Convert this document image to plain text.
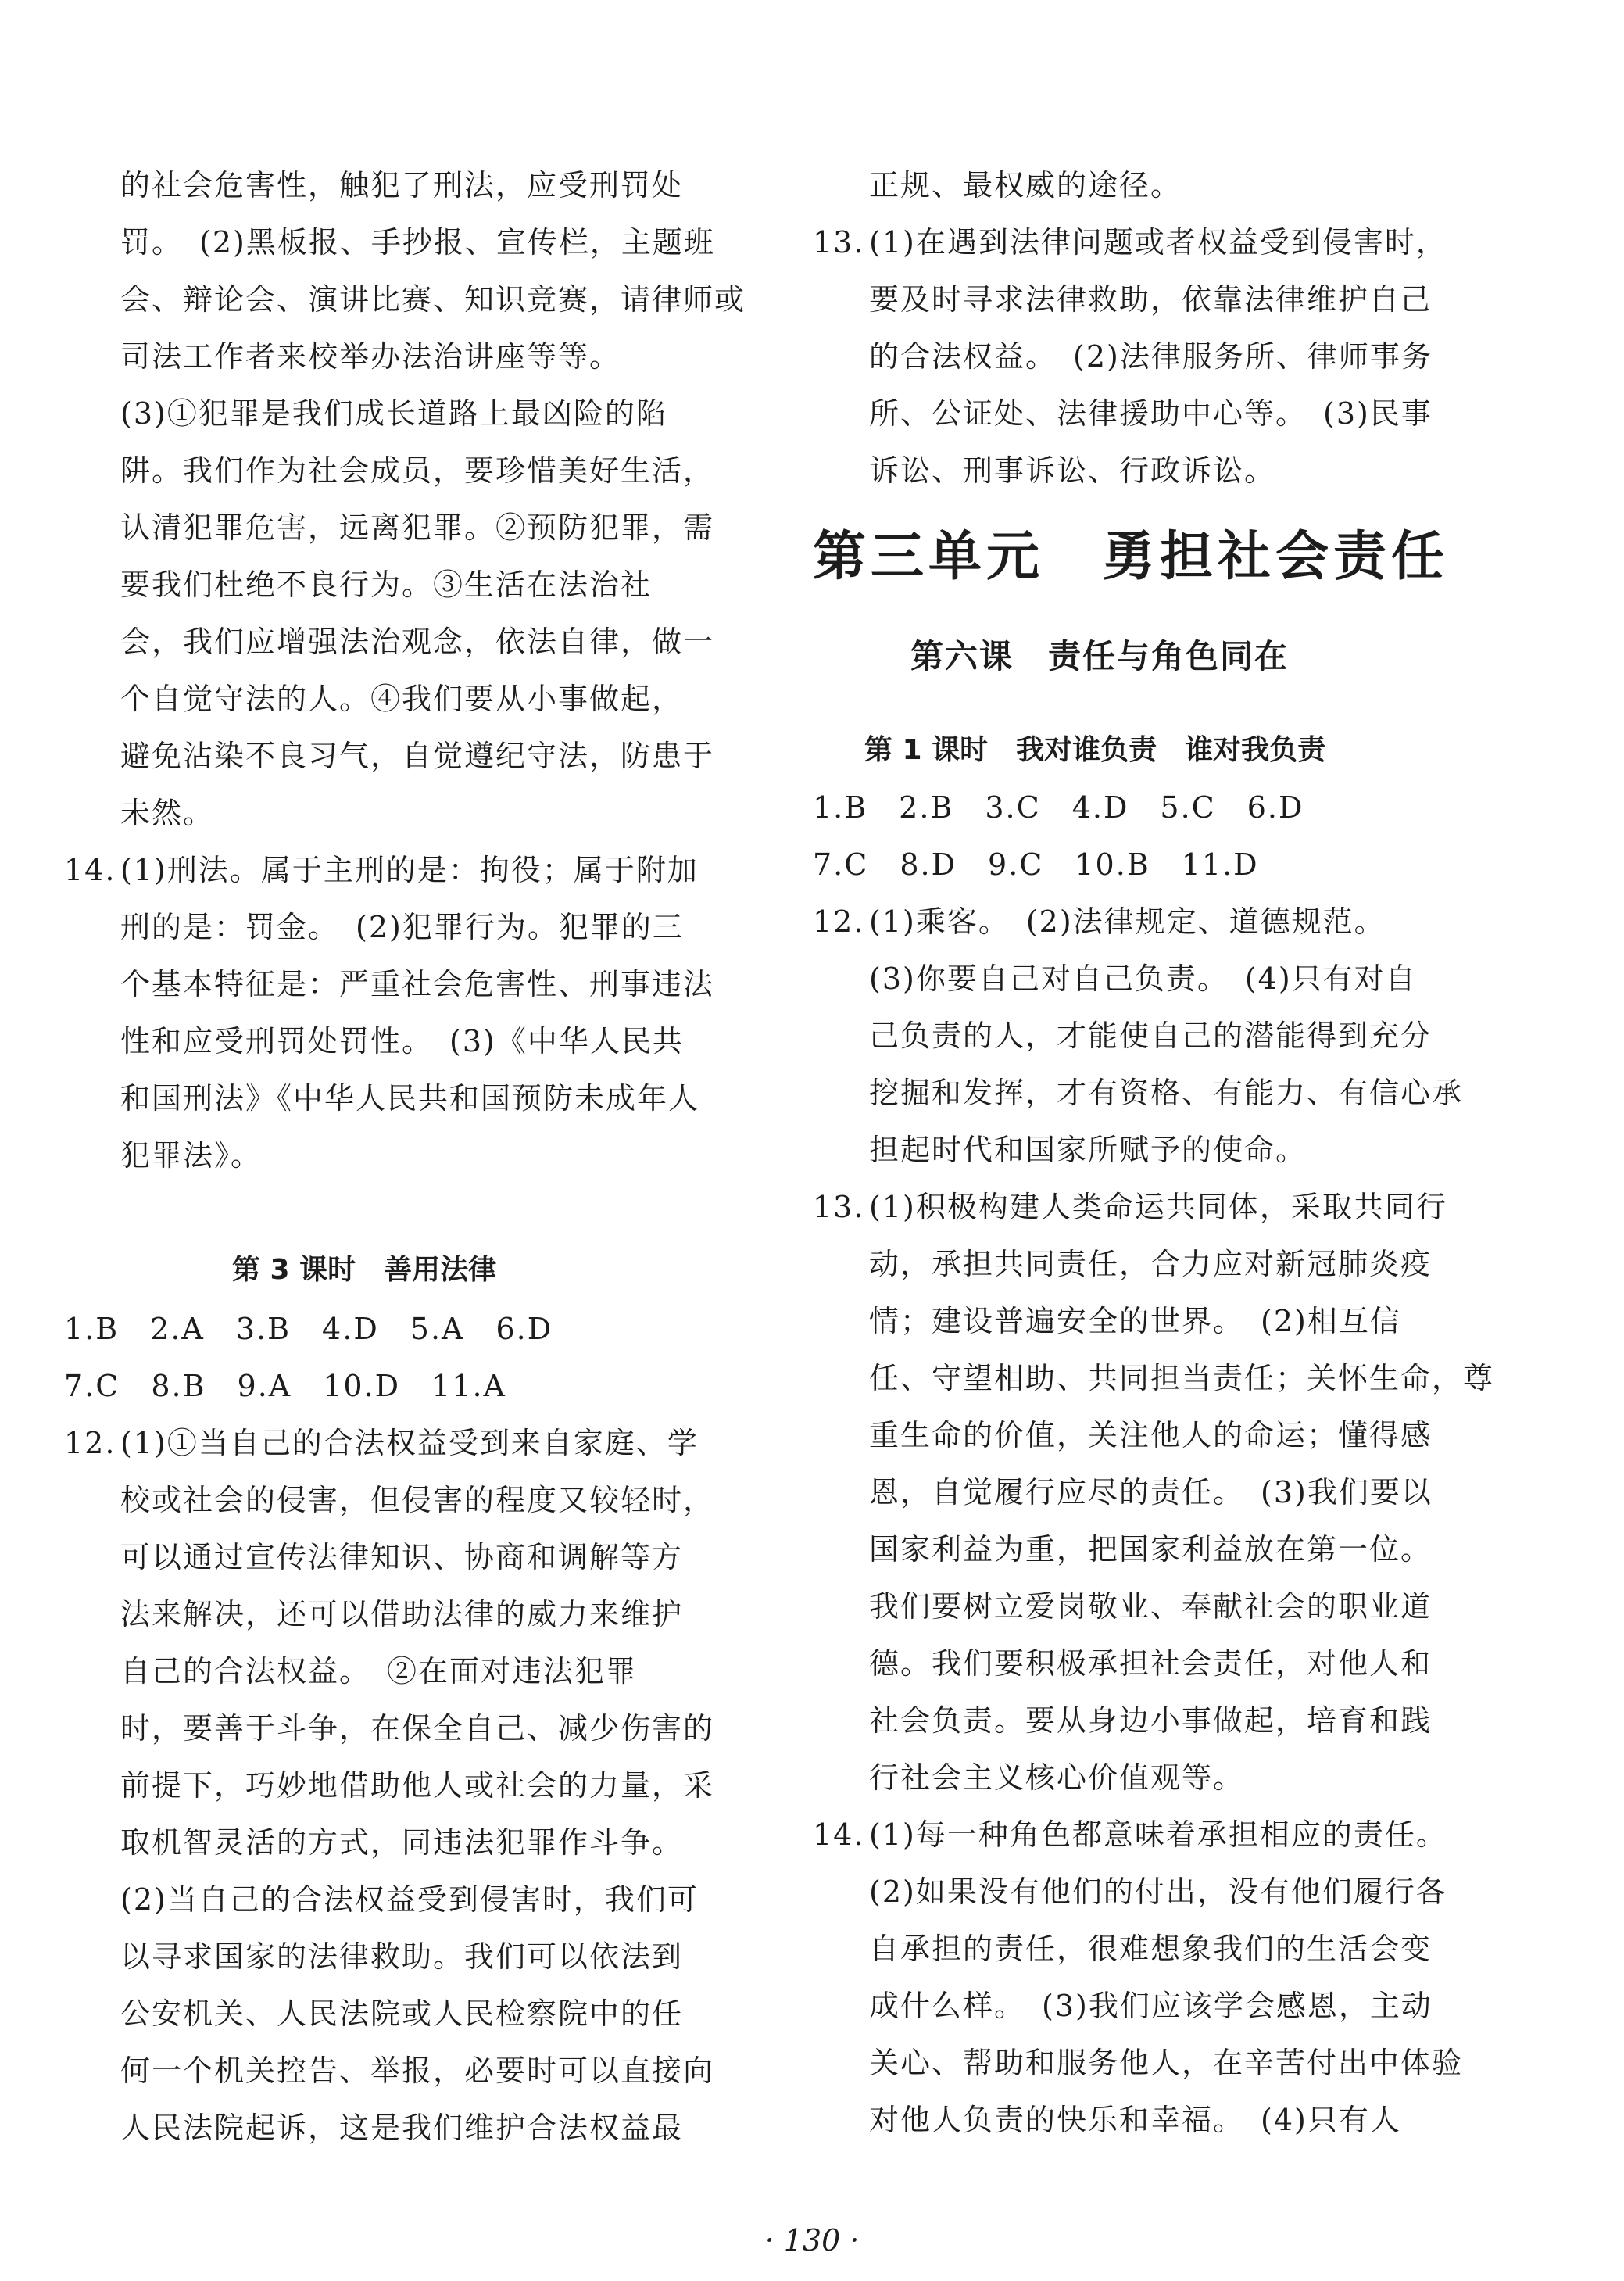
的社会危害性，触犯了刑法，应受刑罚处
罚。　(2)黑板报、手抄报、宣传栏，主题班
会、辩论会、演讲比赛、知识竞赛，请律师或
司法工作者来校举办法治讲座等等。
(3)①犯罪是我们成长道路上最凶险的陷
阱。我们作为社会成员，要珍惜美好生活，
认清犯罪危害，远离犯罪。②预防犯罪，需
要我们杜绝不良行为。③生活在法治社
会，我们应增强法治观念，依法自律，做一
个自觉守法的人。④我们要从小事做起，
避免沾染不良习气，自觉遵纪守法，防患于
未然。
14. (1)刑法。属于主刑的是：拘役；属于附加
刑的是：罚金。　(2)犯罪行为。犯罪的三
个基本特征是：严重社会危害性、刑事违法
性和应受刑罚处罚性。　(3)《中华人民共
和国刑法》《中华人民共和国预防未成年人
犯罪法》。
第 3 课时　善用法律
1.B　2.A　3.B　4.D　5.A　6.D
7.C　8.B　9.A　10.D　11.A
12. (1)①当自己的合法权益受到来自家庭、学
校或社会的侵害，但侵害的程度又较轻时，
可以通过宣传法律知识、协商和调解等方
法来解决，还可以借助法律的威力来维护
自己的合法权益。　②在面对违法犯罪
时，要善于斗争，在保全自己、减少伤害的
前提下，巧妙地借助他人或社会的力量，采
取机智灵活的方式，同违法犯罪作斗争。
(2)当自己的合法权益受到侵害时，我们可
以寻求国家的法律救助。我们可以依法到
公安机关、人民法院或人民检察院中的任
何一个机关控告、举报，必要时可以直接向
人民法院起诉，这是我们维护合法权益最
正规、最权威的途径。
13. (1)在遇到法律问题或者权益受到侵害时，
要及时寻求法律救助，依靠法律维护自己
的合法权益。　(2)法律服务所、律师事务
所、公证处、法律援助中心等。　(3)民事
诉讼、刑事诉讼、行政诉讼。
第三单元　勇担社会责任
第六课　责任与角色同在
第 1 课时　我对谁负责　谁对我负责
1.B　2.B　3.C　4.D　5.C　6.D
7.C　8.D　9.C　10.B　11.D
12. (1)乘客。　(2)法律规定、道德规范。
(3)你要自己对自己负责。　(4)只有对自
己负责的人，才能使自己的潜能得到充分
挖掘和发挥，才有资格、有能力、有信心承
担起时代和国家所赋予的使命。
13. (1)积极构建人类命运共同体，采取共同行
动，承担共同责任，合力应对新冠肺炎疫
情；建设普遍安全的世界。　(2)相互信
任、守望相助、共同担当责任；关怀生命，尊
重生命的价值，关注他人的命运；懂得感
恩，自觉履行应尽的责任。　(3)我们要以
国家利益为重，把国家利益放在第一位。
我们要树立爱岗敬业、奉献社会的职业道
德。我们要积极承担社会责任，对他人和
社会负责。要从身边小事做起，培育和践
行社会主义核心价值观等。
14. (1)每一种角色都意味着承担相应的责任。
(2)如果没有他们的付出，没有他们履行各
自承担的责任，很难想象我们的生活会变
成什么样。　(3)我们应该学会感恩，主动
关心、帮助和服务他人，在辛苦付出中体验
对他人负责的快乐和幸福。　(4)只有人
· 130 ·
